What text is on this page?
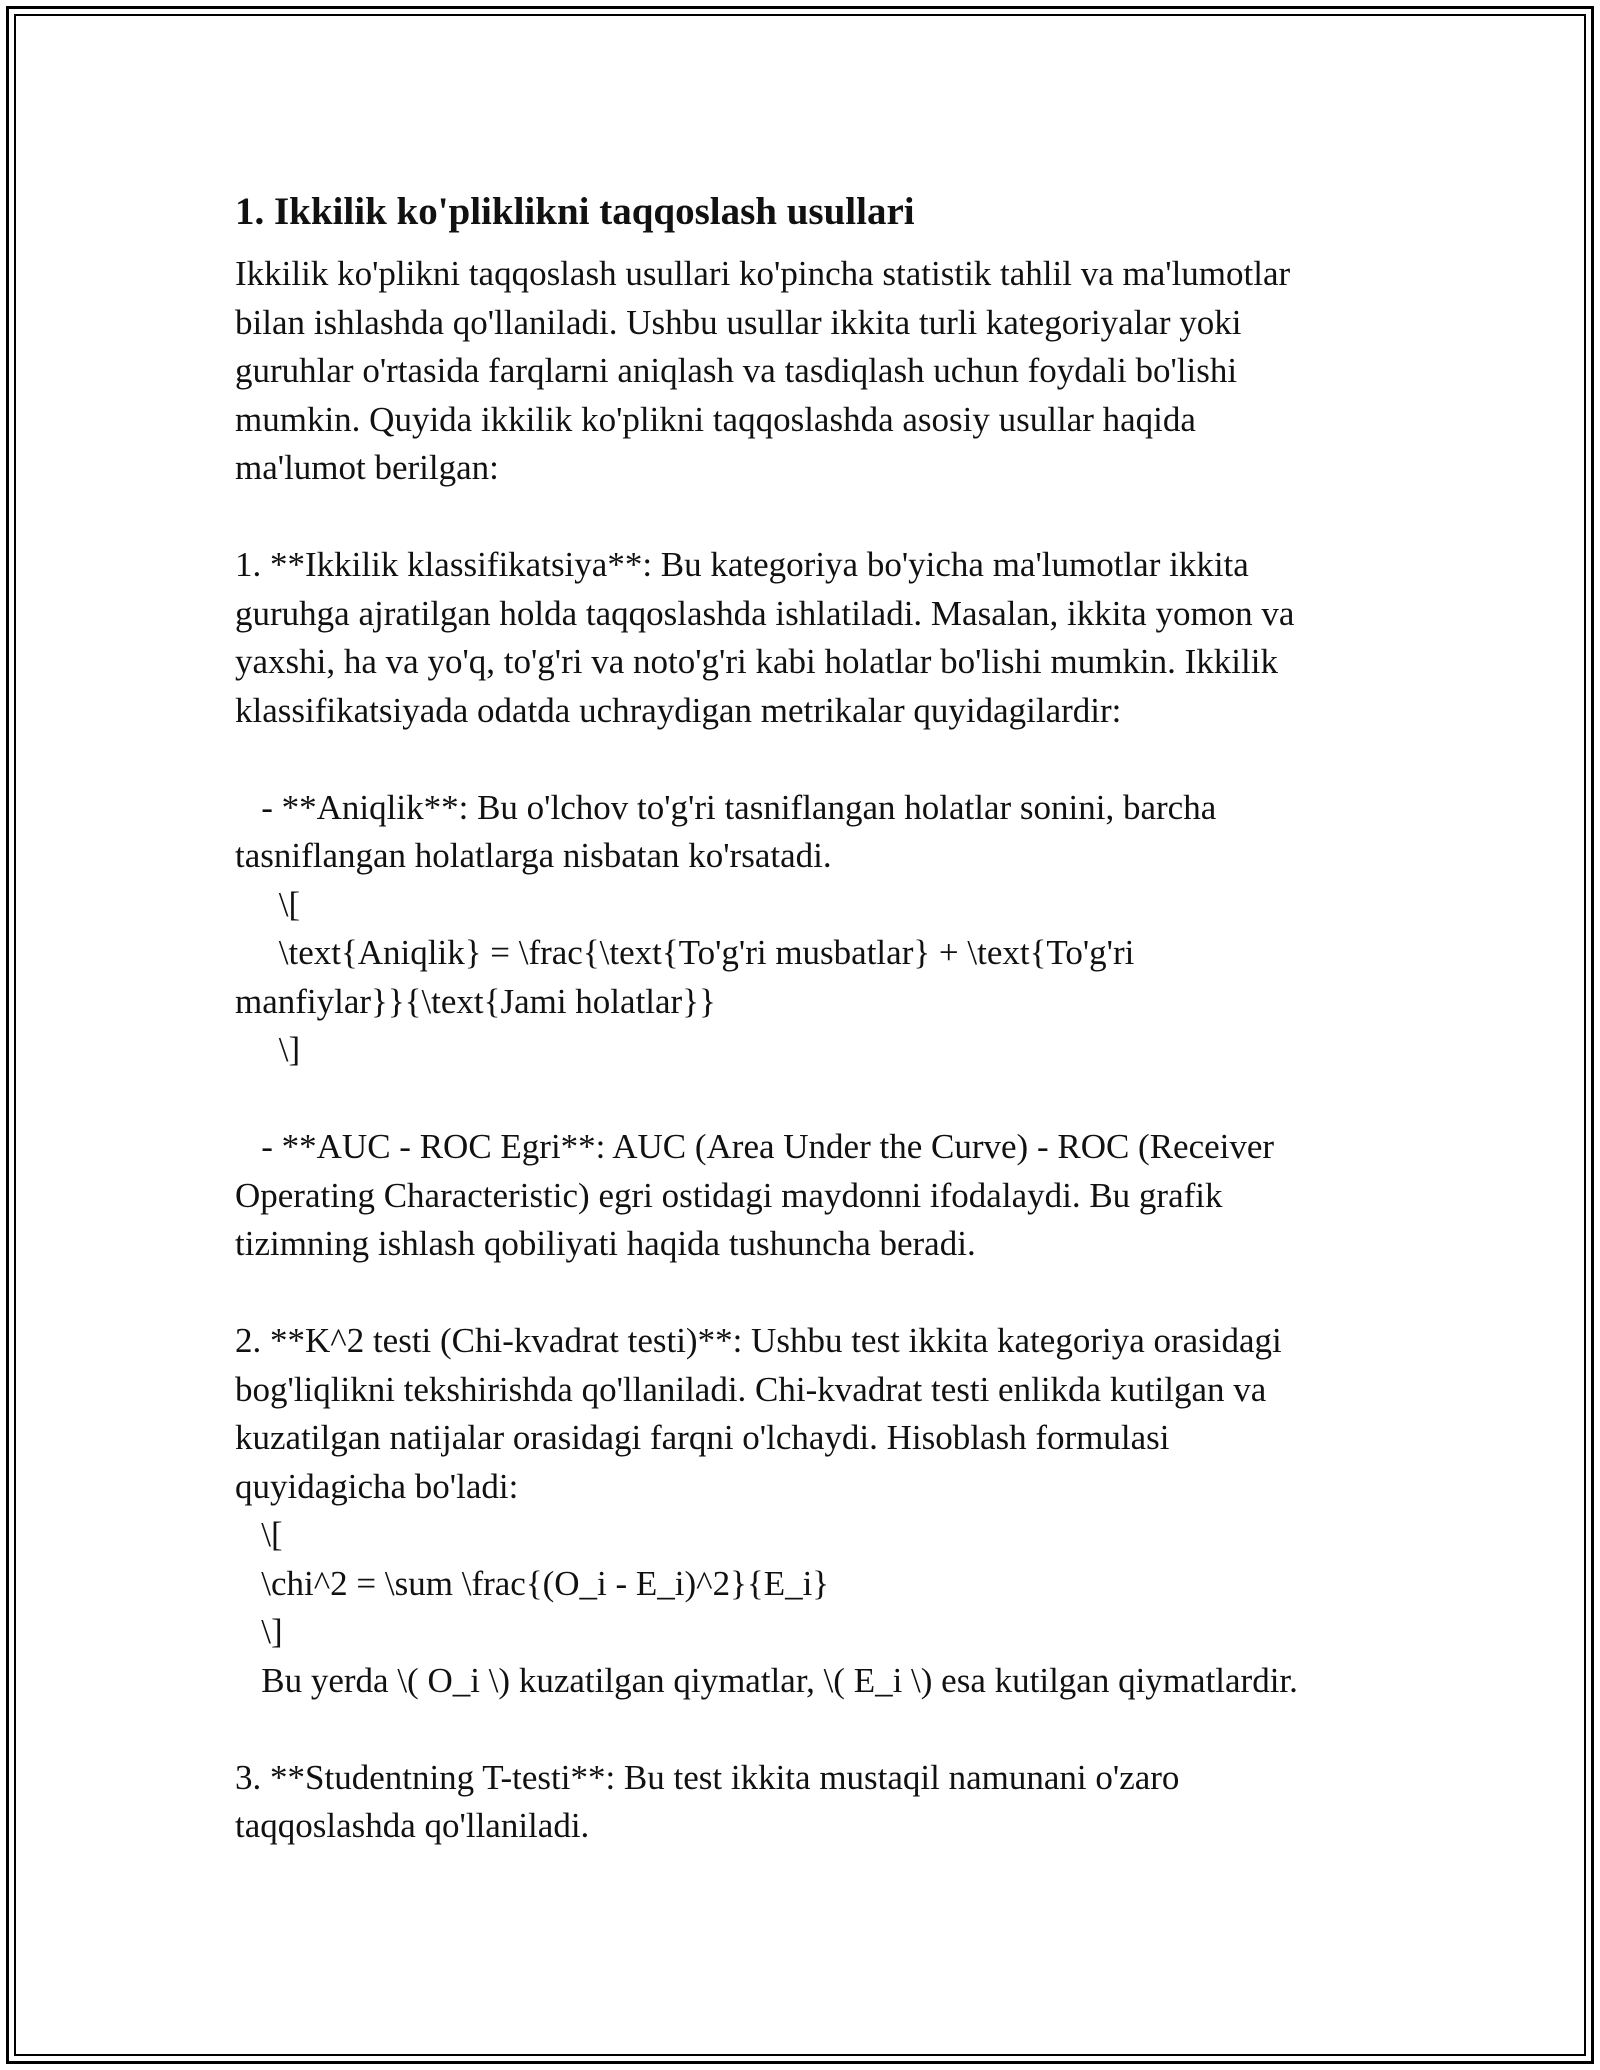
1. Ikkilik ko'pliklikni taqqoslash usullari

Ikkilik ko'plikni taqqoslash usullari ko'pincha statistik tahlil va ma'lumotlar
bilan ishlashda qo'llaniladi. Ushbu usullar ikkita turli kategoriyalar yoki
guruhlar o'rtasida farqlarni aniqlash va tasdiqlash uchun foydali bo'lishi
mumkin. Quyida ikkilik ko'plikni taqqoslashda asosiy usullar haqida
ma'lumot berilgan:

1. **Ikkilik klassifikatsiya**: Bu kategoriya bo'yicha ma'lumotlar ikkita
guruhga ajratilgan holda taqqoslashda ishlatiladi. Masalan, ikkita yomon va
yaxshi, ha va yo'q, to'g'ri va noto'g'ri kabi holatlar bo'lishi mumkin. Ikkilik
klassifikatsiyada odatda uchraydigan metrikalar quyidagilardir:

- **Aniqlik**: Bu o'lchov to'g'ri tasniflangan holatlar sonini, barcha
tasniflangan holatlarga nisbatan ko'rsatadi.
\[
\text{Aniqlik} = \frac{\text{To'g'ri musbatlar} + \text{To'g'ri
manfiylar}}{\text{Jami holatlar}}
\]

- **AUC - ROC Egri**: AUC (Area Under the Curve) - ROC (Receiver
Operating Characteristic) egri ostidagi maydonni ifodalaydi. Bu grafik
tizimning ishlash qobiliyati haqida tushuncha beradi.

2. **K^2 testi (Chi-kvadrat testi)**: Ushbu test ikkita kategoriya orasidagi
bog'liqlikni tekshirishda qo'llaniladi. Chi-kvadrat testi enlikda kutilgan va
kuzatilgan natijalar orasidagi farqni o'lchaydi. Hisoblash formulasi
quyidagicha bo'ladi:
\[
\chi^2 = \sum \frac{(O_i - E_i)^2}{E_i}
\]
Bu yerda \( O_i \) kuzatilgan qiymatlar, \( E_i \) esa kutilgan qiymatlardir.

3. **Studentning T-testi**: Bu test ikkita mustaqil namunani o'zaro
taqqoslashda qo'llaniladi.
